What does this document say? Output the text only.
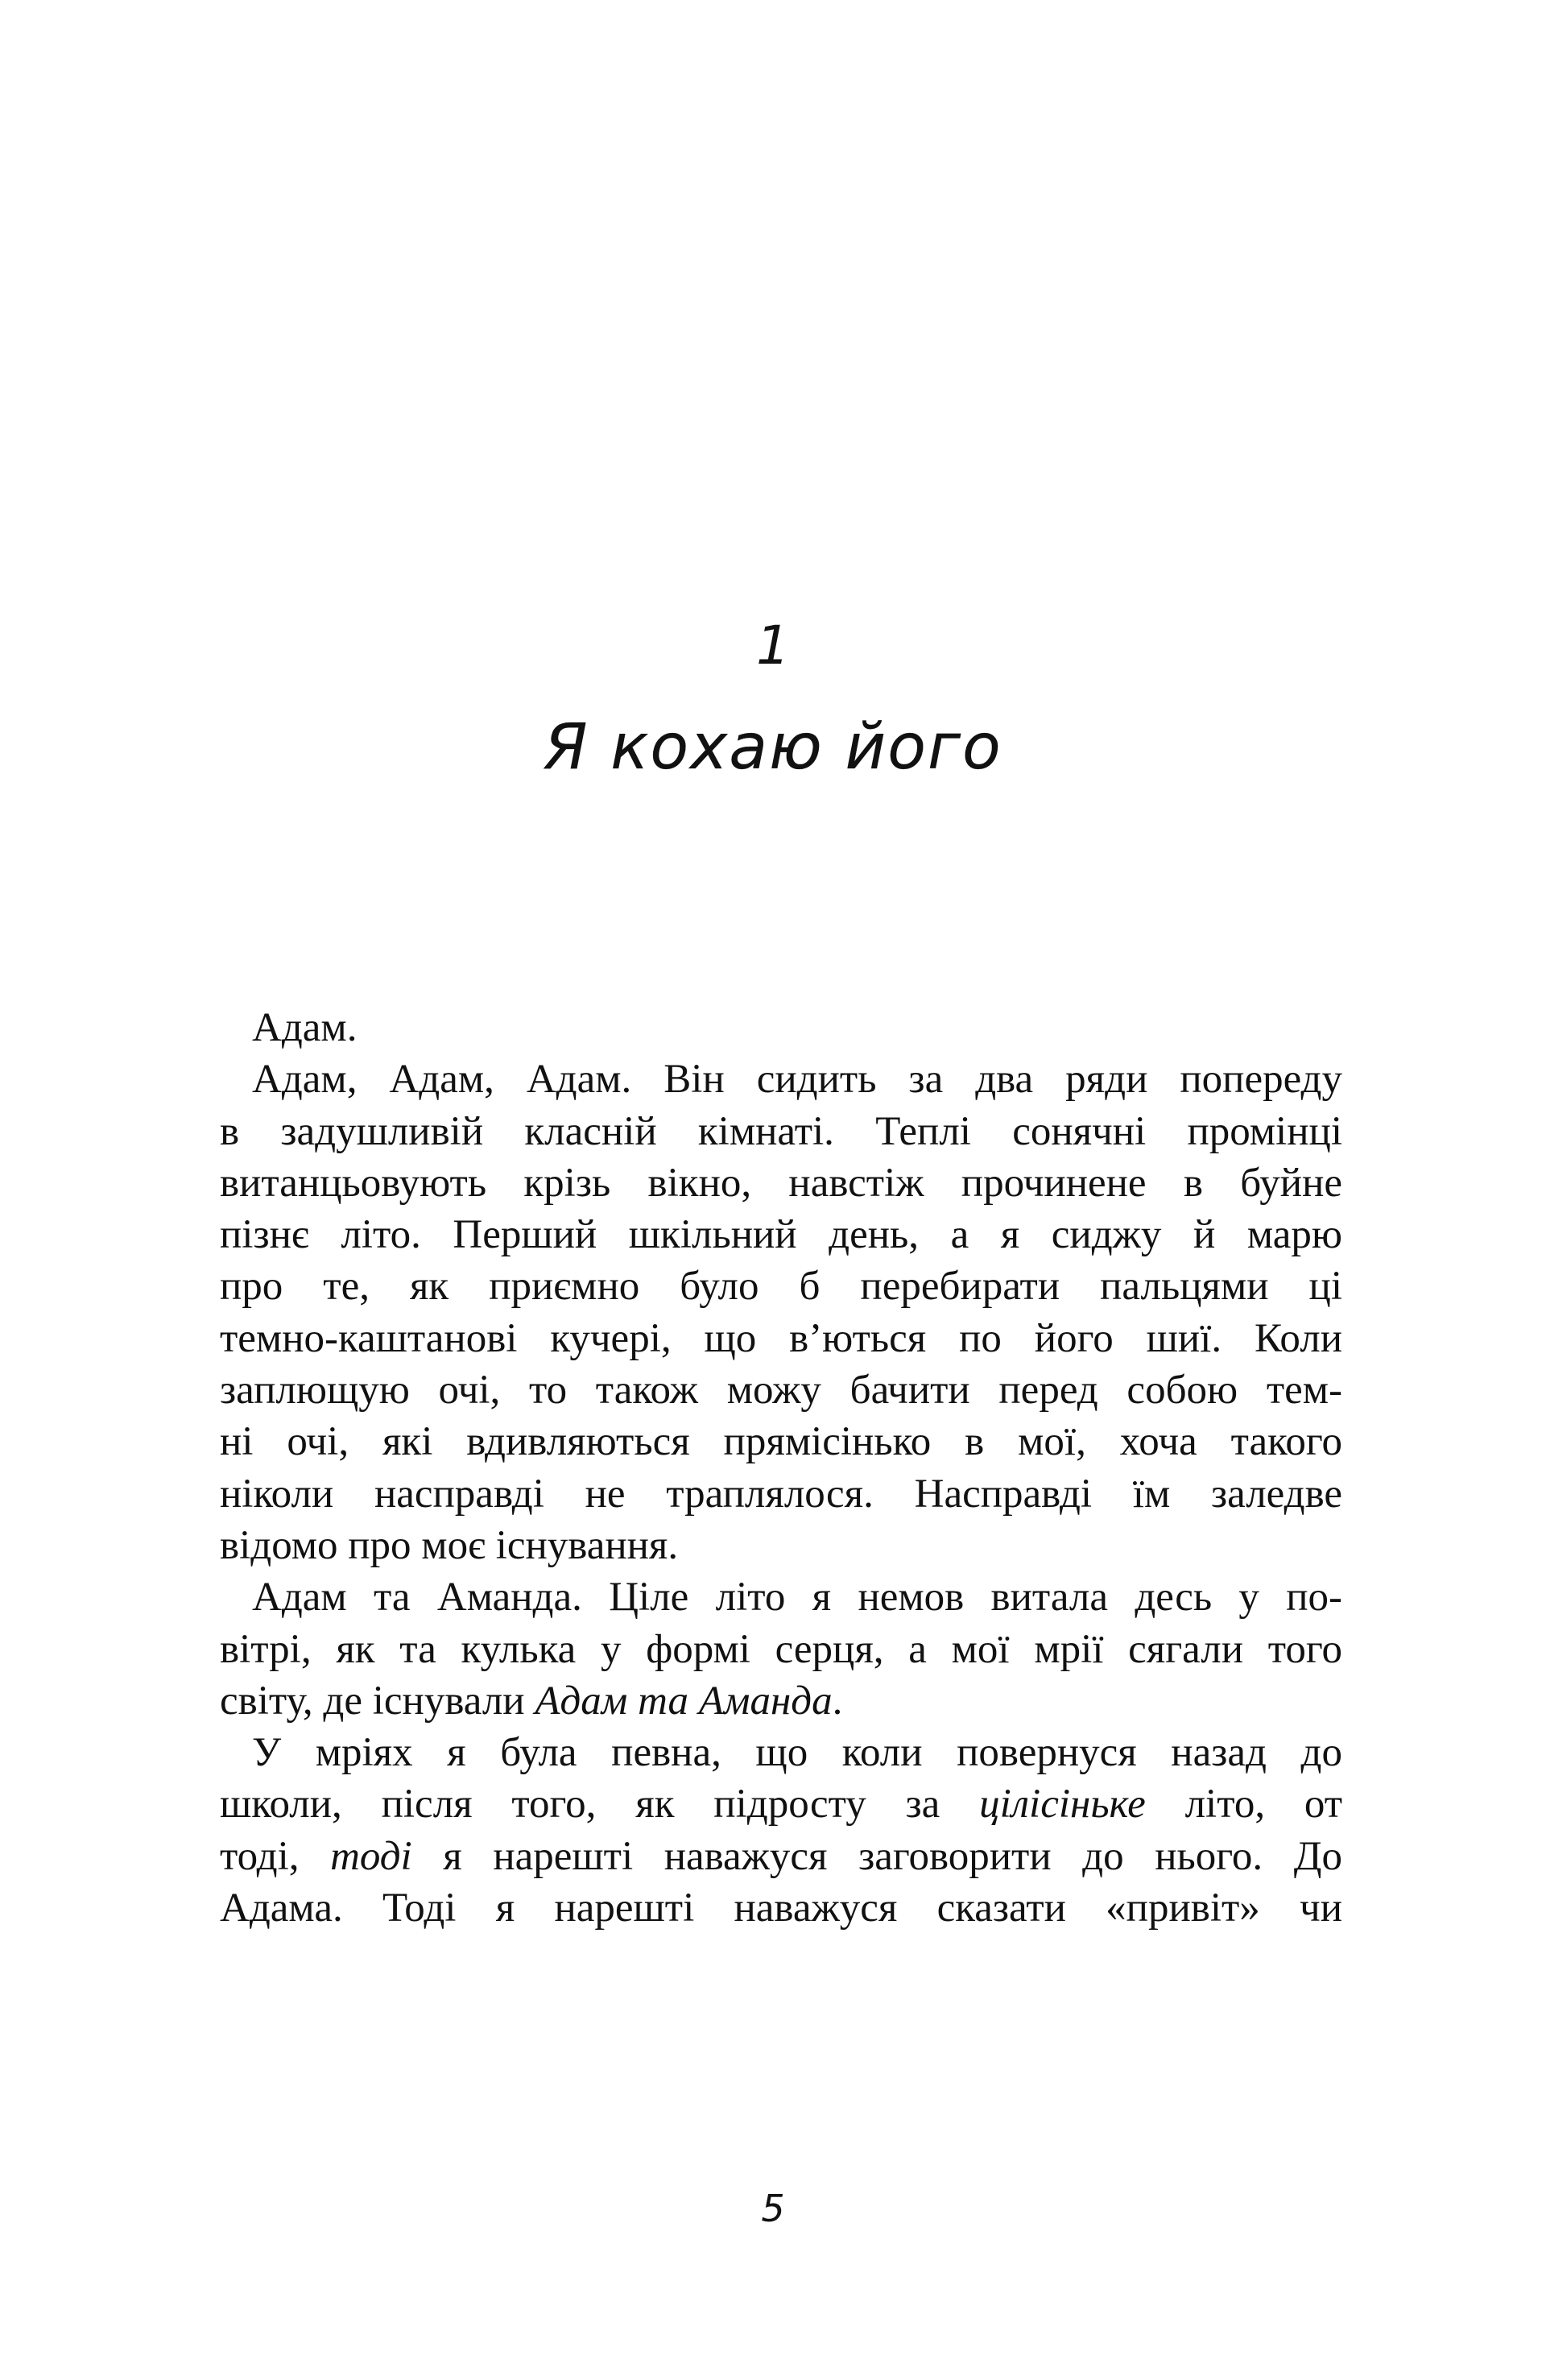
1
Я кохаю його
Адам.
Адам, Адам, Адам. Він сидить за два ряди попереду
в задушливій класній кімнаті. Теплі сонячні промінці
витанцьовують крізь вікно, навстіж прочинене в буйне
пізнє літо. Перший шкільний день, а я сиджу й марю
про те, як приємно було б перебирати пальцями ці
темно-каштанові кучері, що в’ються по його шиї. Коли
заплющую очі, то також можу бачити перед собою тем-
ні очі, які вдивляються прямісінько в мої, хоча такого
ніколи насправді не траплялося. Насправді їм заледве
відомо про моє існування.
Адам та Аманда. Ціле літо я немов витала десь у по-
вітрі, як та кулька у формі серця, а мої мрії сягали того
світу, де існували Адам та Аманда.
У мріях я була певна, що коли повернуся назад до
школи, після того, як підросту за цілісіньке літо, от
тоді, тоді я нарешті наважуся заговорити до нього. До
Адама. Тоді я нарешті наважуся сказати «привіт» чи
5
